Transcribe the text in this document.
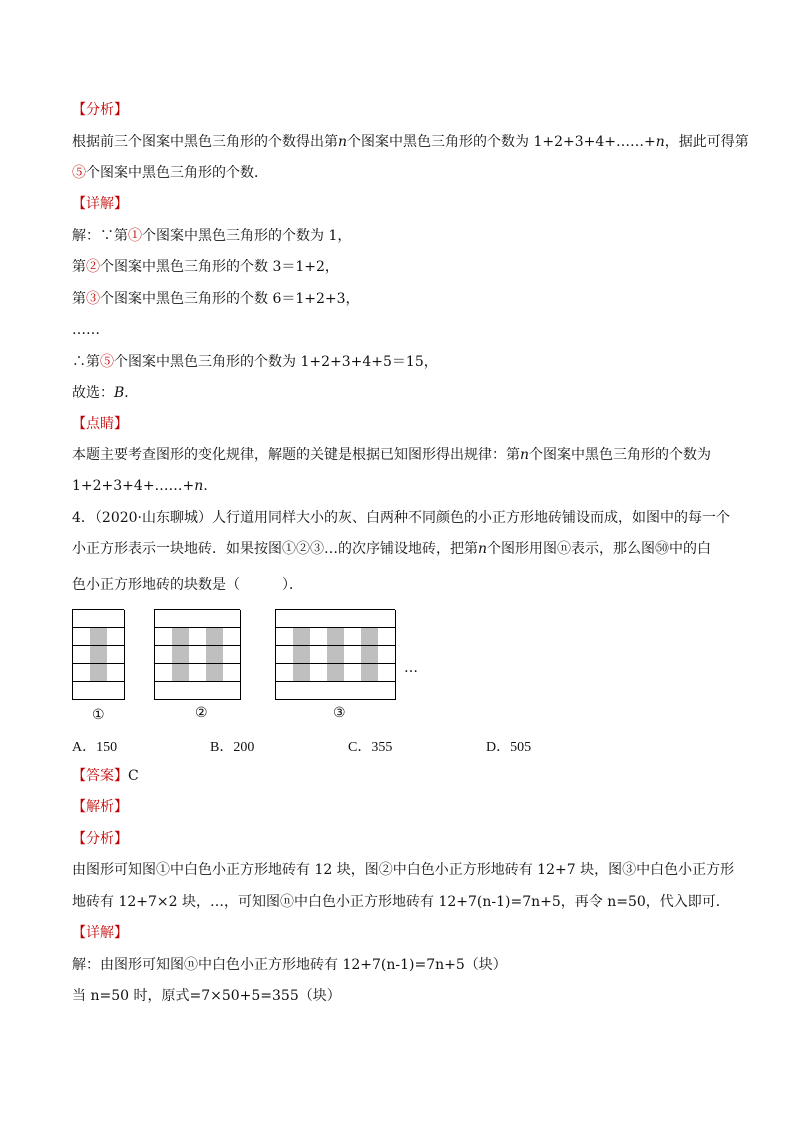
【分析】
根据前三个图案中黑色三角形的个数得出第n个图案中黑色三角形的个数为 1+2+3+4+……+n，据此可得第
⑤个图案中黑色三角形的个数．
【详解】
解：∵第①个图案中黑色三角形的个数为 1，
第②个图案中黑色三角形的个数 3＝1+2，
第③个图案中黑色三角形的个数 6＝1+2+3，
……
∴第⑤个图案中黑色三角形的个数为 1+2+3+4+5＝15，
故选：B．
【点睛】
本题主要考查图形的变化规律，解题的关键是根据已知图形得出规律：第n个图案中黑色三角形的个数为
1+2+3+4+……+n．
4．（2020·山东聊城）人行道用同样大小的灰、白两种不同颜色的小正方形地砖铺设而成，如图中的每一个
小正方形表示一块地砖．如果按图①②③…的次序铺设地砖，把第n个图形用图ⓝ表示，那么图㊿中的白
色小正方形地砖的块数是（　　　）．
①	②	③
…
A．150	B．200	C．355	D．505
【答案】C
【解析】
【分析】
由图形可知图①中白色小正方形地砖有 12 块，图②中白色小正方形地砖有 12+7 块，图③中白色小正方形
地砖有 12+7×2 块，…，可知图ⓝ中白色小正方形地砖有 12+7(n-1)=7n+5，再令 n=50，代入即可．
【详解】
解：由图形可知图ⓝ中白色小正方形地砖有 12+7(n-1)=7n+5（块）
当 n=50 时，原式=7×50+5=355（块）
